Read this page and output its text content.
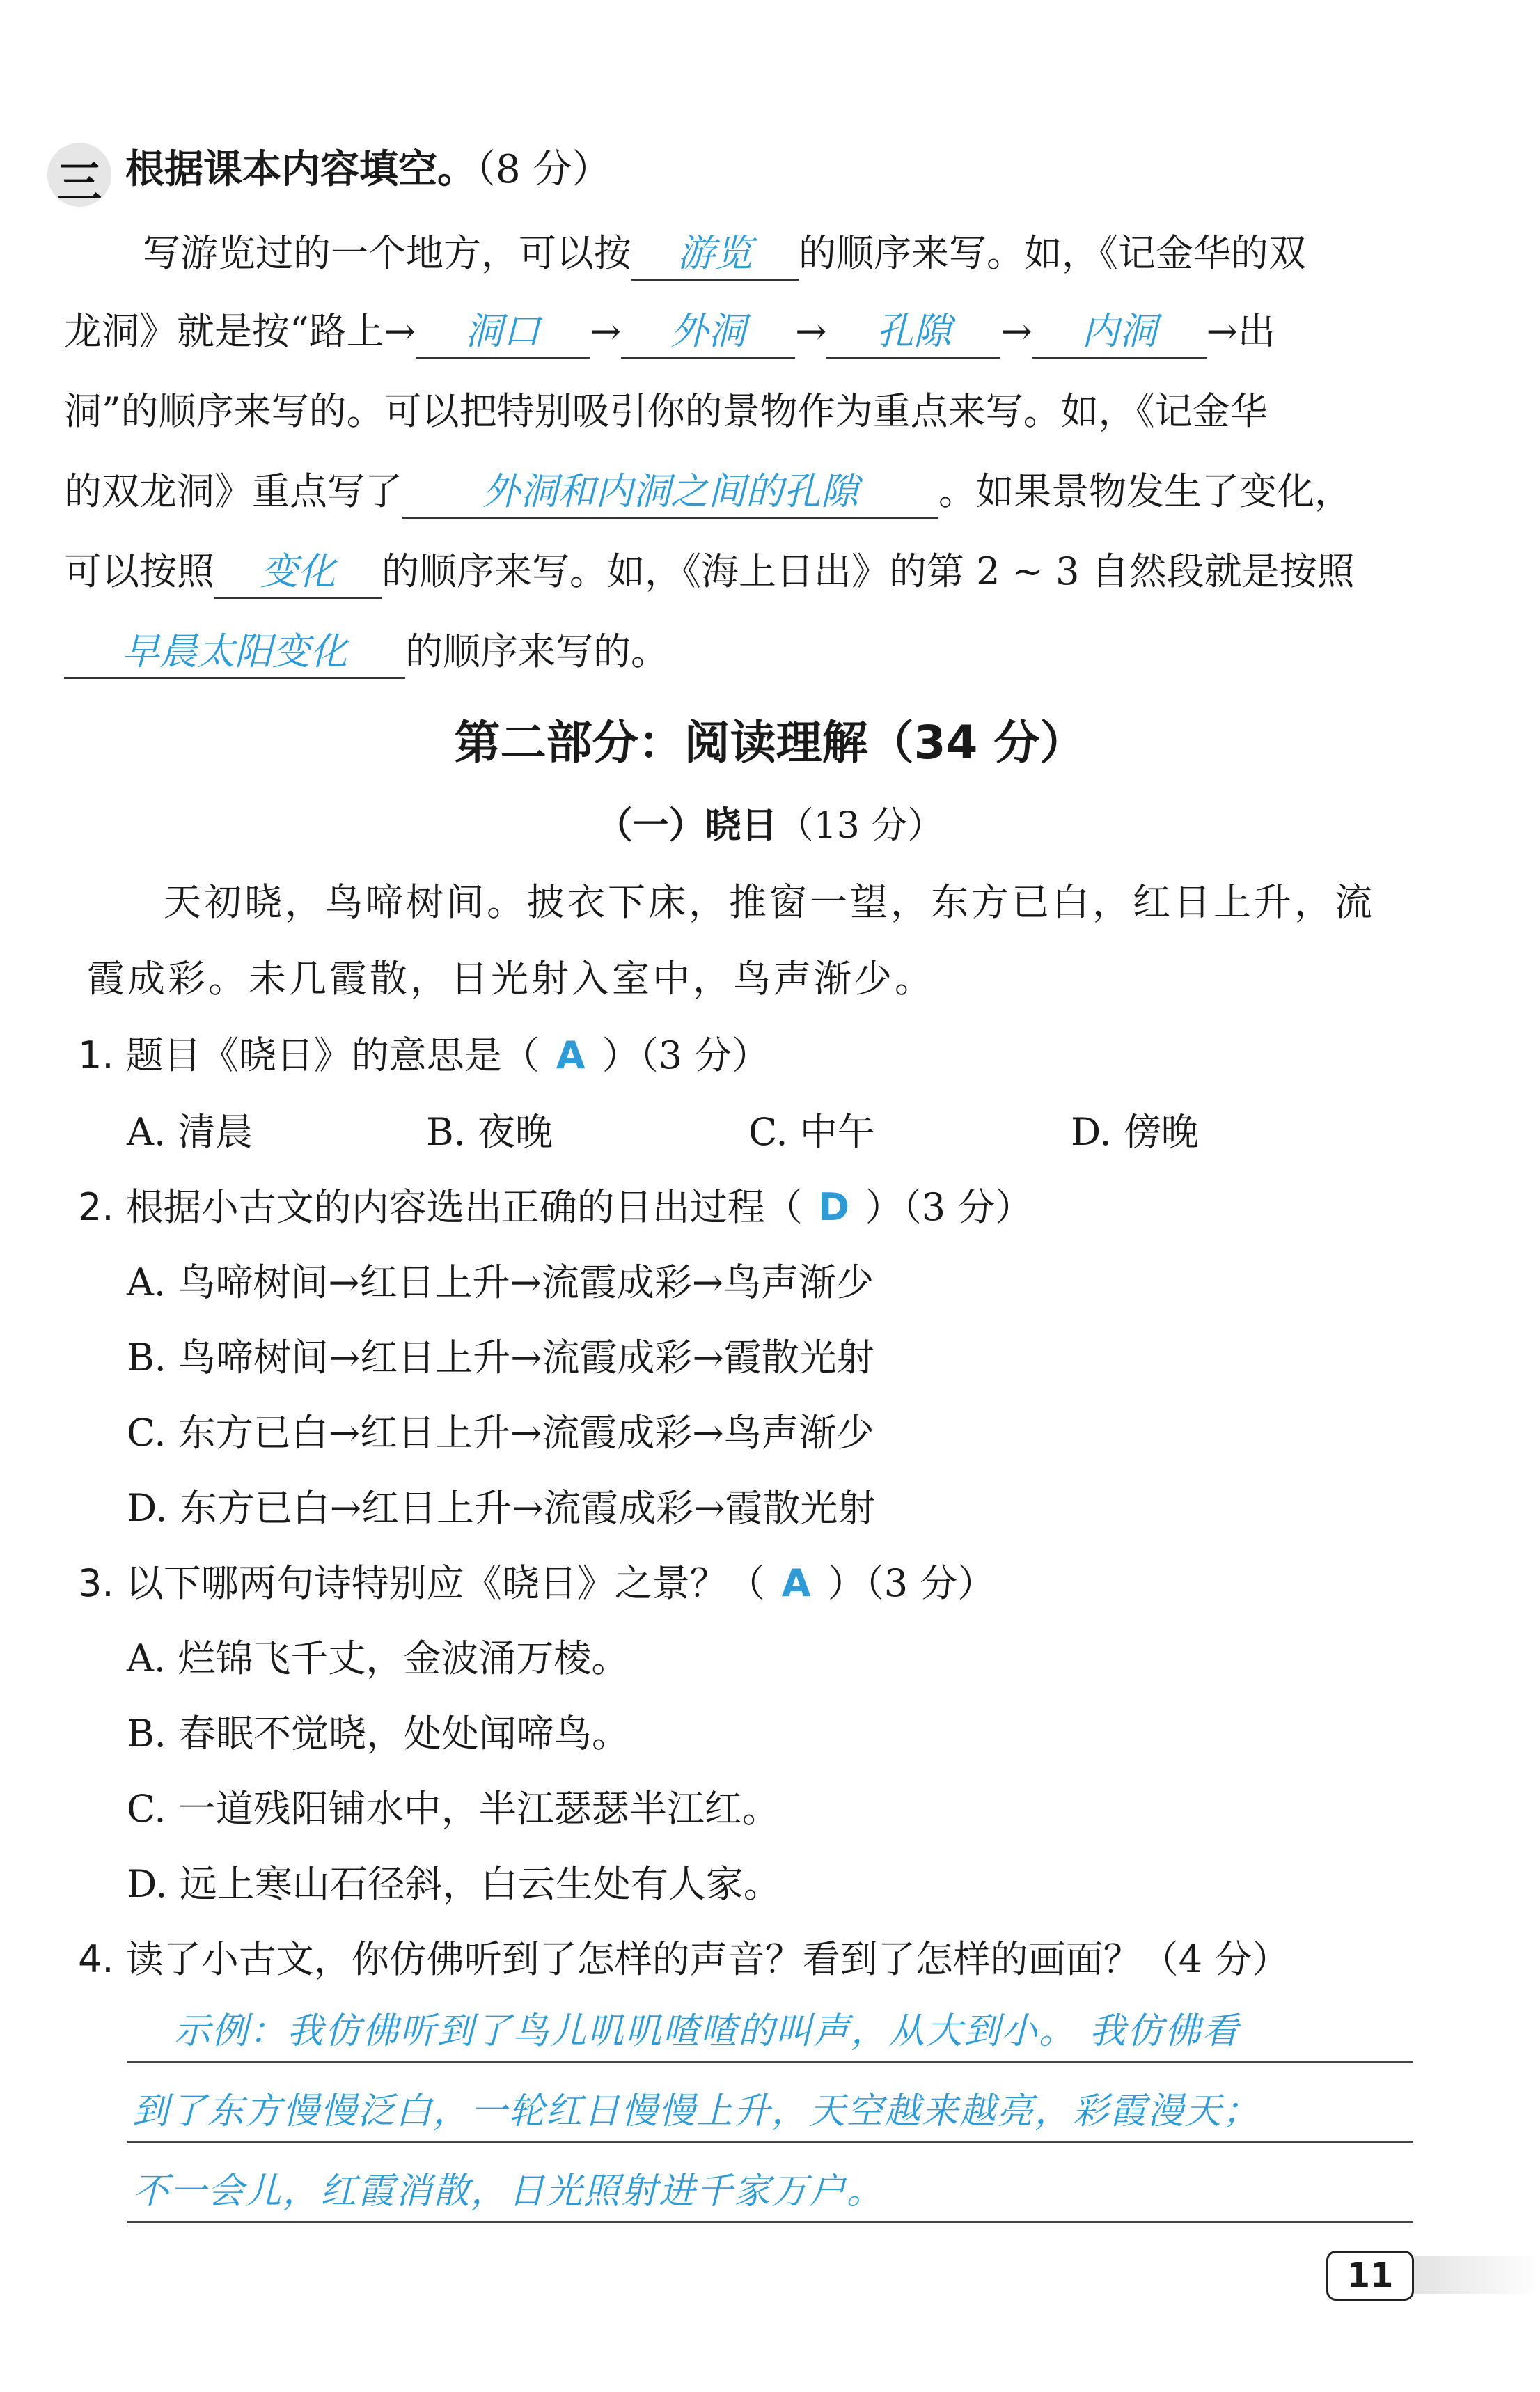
三 根据课本内容填空。（8 分）
写游览过的一个地方，可以按 游览 的顺序来写。如，《记金华的双
龙洞》就是按“路上→ 洞口 → 外洞 → 孔隙 → 内洞 →出
洞”的顺序来写的。可以把特别吸引你的景物作为重点来写。如，《记金华
的双龙洞》重点写了 外洞和内洞之间的孔隙 。如果景物发生了变化，
可以按照 变化 的顺序来写。如，《海上日出》的第 2 ~ 3 自然段就是按照
早晨太阳变化 的顺序来写的。
第二部分：阅读理解（34 分）
（一）晓日（13 分）
天初晓，鸟啼树间。披衣下床，推窗一望，东方已白，红日上升，流
霞成彩。未几霞散，日光射入室中，鸟声渐少。
1. 题目《晓日》的意思是（ A ）（3 分）
A. 清晨	B. 夜晚	C. 中午	D. 傍晚
2. 根据小古文的内容选出正确的日出过程（ D ）（3 分）
A. 鸟啼树间→红日上升→流霞成彩→鸟声渐少
B. 鸟啼树间→红日上升→流霞成彩→霞散光射
C. 东方已白→红日上升→流霞成彩→鸟声渐少
D. 东方已白→红日上升→流霞成彩→霞散光射
3. 以下哪两句诗特别应《晓日》之景？（ A ）（3 分）
A. 烂锦飞千丈，金波涌万棱。
B. 春眠不觉晓，处处闻啼鸟。
C. 一道残阳铺水中，半江瑟瑟半江红。
D. 远上寒山石径斜，白云生处有人家。
4. 读了小古文，你仿佛听到了怎样的声音？看到了怎样的画面？（4 分）
示例：我仿佛听到了鸟儿叽叽喳喳的叫声，从大到小。 我仿佛看
到了东方慢慢泛白，一轮红日慢慢上升，天空越来越亮，彩霞漫天；
不一会儿，红霞消散，日光照射进千家万户。
11
